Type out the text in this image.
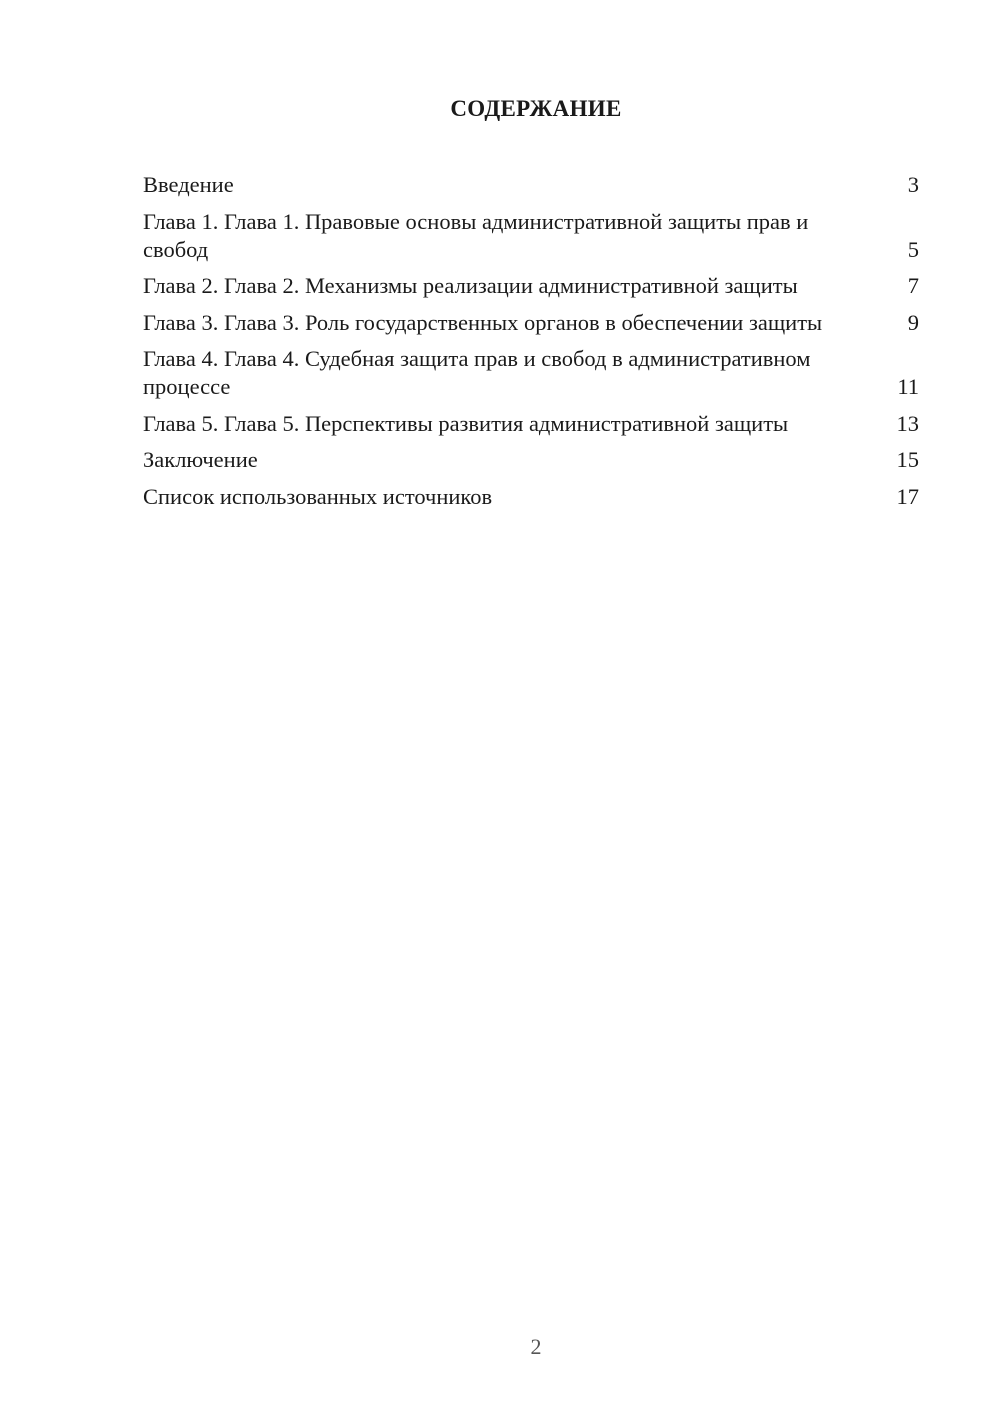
СОДЕРЖАНИЕ
Введение	3
Глава 1. Глава 1. Правовые основы административной защиты прав и свобод	5
Глава 2. Глава 2. Механизмы реализации административной защиты	7
Глава 3. Глава 3. Роль государственных органов в обеспечении защиты	9
Глава 4. Глава 4. Судебная защита прав и свобод в административном процессе	11
Глава 5. Глава 5. Перспективы развития административной защиты	13
Заключение	15
Список использованных источников	17
2
